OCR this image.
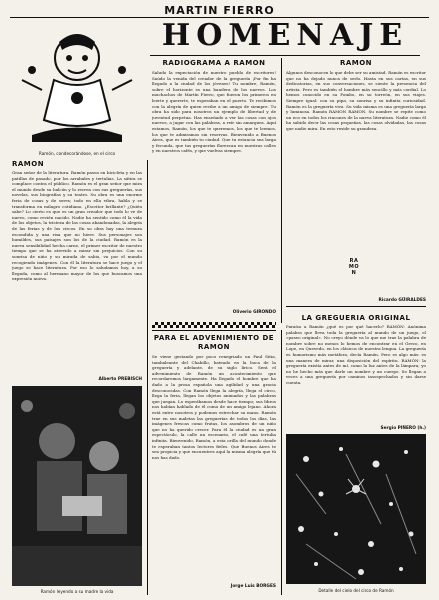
MARTIN FIERRO
Ramón, condecorándose, en el circo
HOMENAJE
RADIOGRAMA A RAMON
Saludo la expectación de nuestro pueblo de escritores! Saúdo la venida del creador de la greguería ¡Por fin ha llegado a la ciudad de los jóvenes! Tu nombre, Ramón, sobre el horizonte es una bandera de los nuevos. Los muchachos de Martín Fierro, que fueron los primeros en leerte y quererte, te esperaban en el puerto. Te recibimos con la alegría de quien recibe a un amigo de siempre. Tu obra ha sido para nosotros un ejemplo de libertad y de juventud perpetua. Has enseñado a ver las cosas con ojos nuevos, a jugar con las palabras, a reír sin amargura. Aquí estamos, Ramón, los que te queremos, los que te leemos, los que te admiramos sin reservas. Bienvenido a Buenos Aires, que es también tu ciudad. Que tu estancia sea larga y fecunda, que tus greguerías florezcan en nuestras calles y en nuestros cafés, y que vuelvas siempre.
Oliverio GIRONDO
RAMON
Algunos desconocen lo que debe ser su amistad. Ramón es escritor que no ha dejado nunca de serlo. Hasta en sus cartas, en sus dedicatorias, en sus conversaciones, se siente la presencia del artista. Pero es también el hombre más sencillo y más cordial. Lo hemos conocido en su Pombo, en su torreón, en sus viajes. Siempre igual: con su pipa, su sonrisa y su infinita curiosidad. Ramón es la greguería viva. Su vida misma es una greguería larga y luminosa. Ramón RAMON RAMON. Su nombre se repite como un eco en todos los rincones de la nueva literatura. Nadie como él ha sabido decir las cosas pequeñas, las cosas olvidadas, las cosas que nadie mira. En esto reside su grandeza.
RAMON
Ricardo GÜIRALDES
RAMON
Gran señor de la literatura. Ramón pasea en bicicleta y en las patillas de pasado, por los arrabales y tertulias. La sátira se complace contra el público. Ramón es el gran señor que mira el mundo desde su balcón y lo recrea con sus greguerías, sus novelas, sus biografías y su teatro. Su obra es una enorme feria de cosas y de seres; todo en ella vibra, habla y se transforma en milagro cotidiano. ¿Escritor brillante? ¿Quién sabe? Lo cierto es que es un gran creador que todo lo ve de nuevo, como recién nacido. Nadie ha sentido como él la vida de los objetos, la tristeza de las cosas abandonadas, la alegría de las ferias y de los circos. En su obra hay una ternura escondida y una risa que no hiere. Sus personajes son humildes, sus paisajes son los de la ciudad. Ramón es la nueva sensibilidad hecha carne, el primer escritor de nuestro tiempo que se ha atrevido a mirar sin prejuicios. Con su sonrisa de niño y su mirada de sabio, va por el mundo recogiendo imágenes. Con él la literatura se hace juego y el juego se hace literatura. Por eso lo saludamos hoy, a su llegada, como al hermano mayor de los que buscamos una expresión nueva.
Alberto PREBISCH
Ramón leyendo a su madre la vida
PARA EL ADVENIMIENTO DE
RAMON
Se viene gestando por poco renegriado un Paul Sitia, tambaleante del Chabillo, bateado en la boca de la greguería y adelante, de su siglo lírico. Será el advenimiento de Ramón un acontecimiento que recordaremos largamente. Ha llegado el hombre que ha dado a la prosa española una agilidad y una gracia desconocidas. Con Ramón llega la alegría, llega el circo, llega la feria, llegan los objetos animados y las palabras que juegan. Lo esperábamos desde hace tiempo; sus libros nos habían hablado de él como de un amigo lejano. Ahora está entre nosotros y podemos estrechar su mano. Ramón trae en sus maletas las greguerías de todos los días, las imágenes frescas como frutas, los asombros de un niño que no ha querido crecer. Para él la ciudad es un gran espectáculo, la calle un escenario, el café una tertulia infinita. Bienvenido, Ramón, a esta orilla del mundo donde te esperaban tantos lectores fieles. Que Buenos Aires te sea propicia y que encuentres aquí la misma alegría que tú nos has dado.
Jorge Luis BORGES
LA GREGUERIA ORIGINAL
Paraíso a Ramón ¿qué es por qué hacerlo? RAMÓN: Anónima palabra que lleva toda la greguería al mundo de un juego, el «paseo original». No creyo dónde va lo que me trae la palabra de nombre sobre no menos lo hemos de encontrar en el Greco, en Lope, en Quevedo, en los clásicos de nuestra lengua. La greguería es humorismo más metáfora, decía Ramón. Pero es algo más: es una manera de mirar, una disposición del espíritu. RAMÓN: la greguería existía antes de mí, como la luz antes de la lámpara; yo no he hecho más que darle un nombre y un cuerpo. Se llegan a veces a una greguería por caminos insospechados y sin darse cuenta.
Sergio PIÑERO (h.)
Detalle del cielo del circo de Ramón
